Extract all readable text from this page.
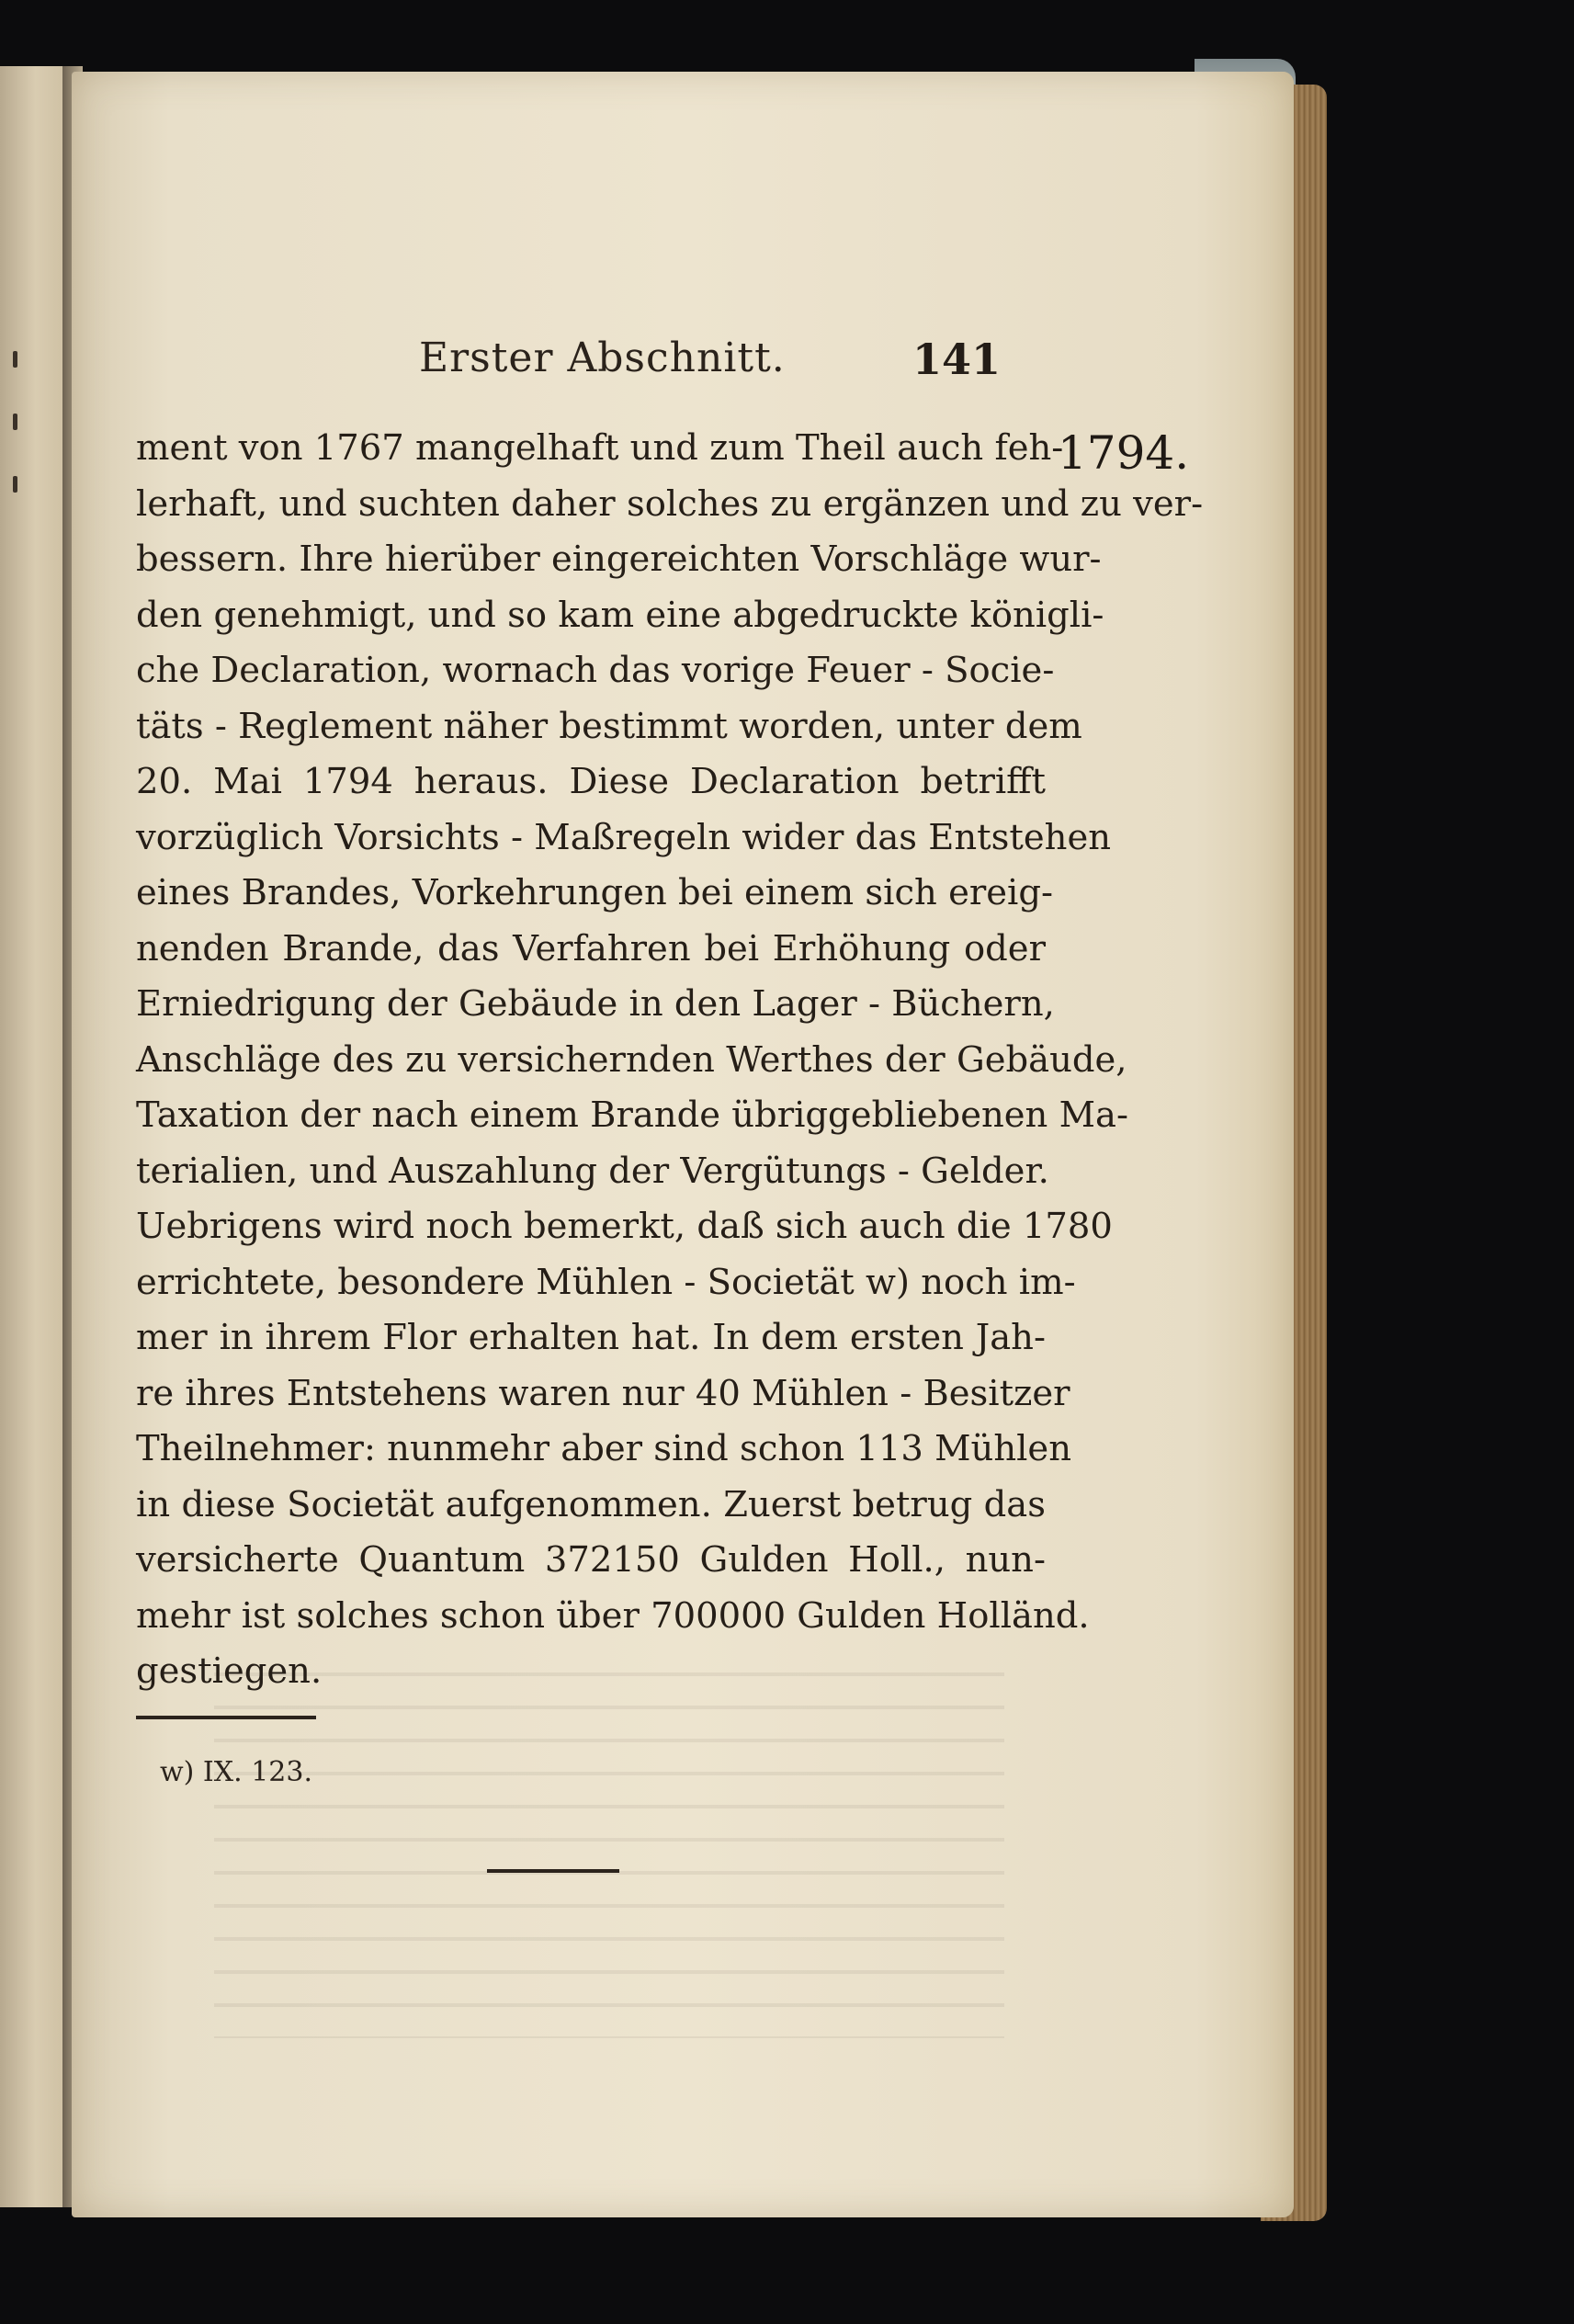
Erster Abschnitt.	141
1794.
ment von 1767 mangelhaft und zum Theil auch feh-
lerhaft, und suchten daher solches zu ergänzen und zu ver-
bessern. Ihre hierüber eingereichten Vorschläge wur-
den genehmigt, und so kam eine abgedruckte königli-
che Declaration, wornach das vorige Feuer - Socie-
täts - Reglement näher bestimmt worden, unter dem
20. Mai 1794 heraus. Diese Declaration betrifft
vorzüglich Vorsichts - Maßregeln wider das Entstehen
eines Brandes, Vorkehrungen bei einem sich ereig-
nenden Brande, das Verfahren bei Erhöhung oder
Erniedrigung der Gebäude in den Lager - Büchern,
Anschläge des zu versichernden Werthes der Gebäude,
Taxation der nach einem Brande übriggebliebenen Ma-
terialien, und Auszahlung der Vergütungs - Gelder.
Uebrigens wird noch bemerkt, daß sich auch die 1780
errichtete, besondere Mühlen - Societät w) noch im-
mer in ihrem Flor erhalten hat. In dem ersten Jah-
re ihres Entstehens waren nur 40 Mühlen - Besitzer
Theilnehmer: nunmehr aber sind schon 113 Mühlen
in diese Societät aufgenommen. Zuerst betrug das
versicherte Quantum 372150 Gulden Holl., nun-
mehr ist solches schon über 700000 Gulden Holländ.
gestiegen.
w) IX. 123.
